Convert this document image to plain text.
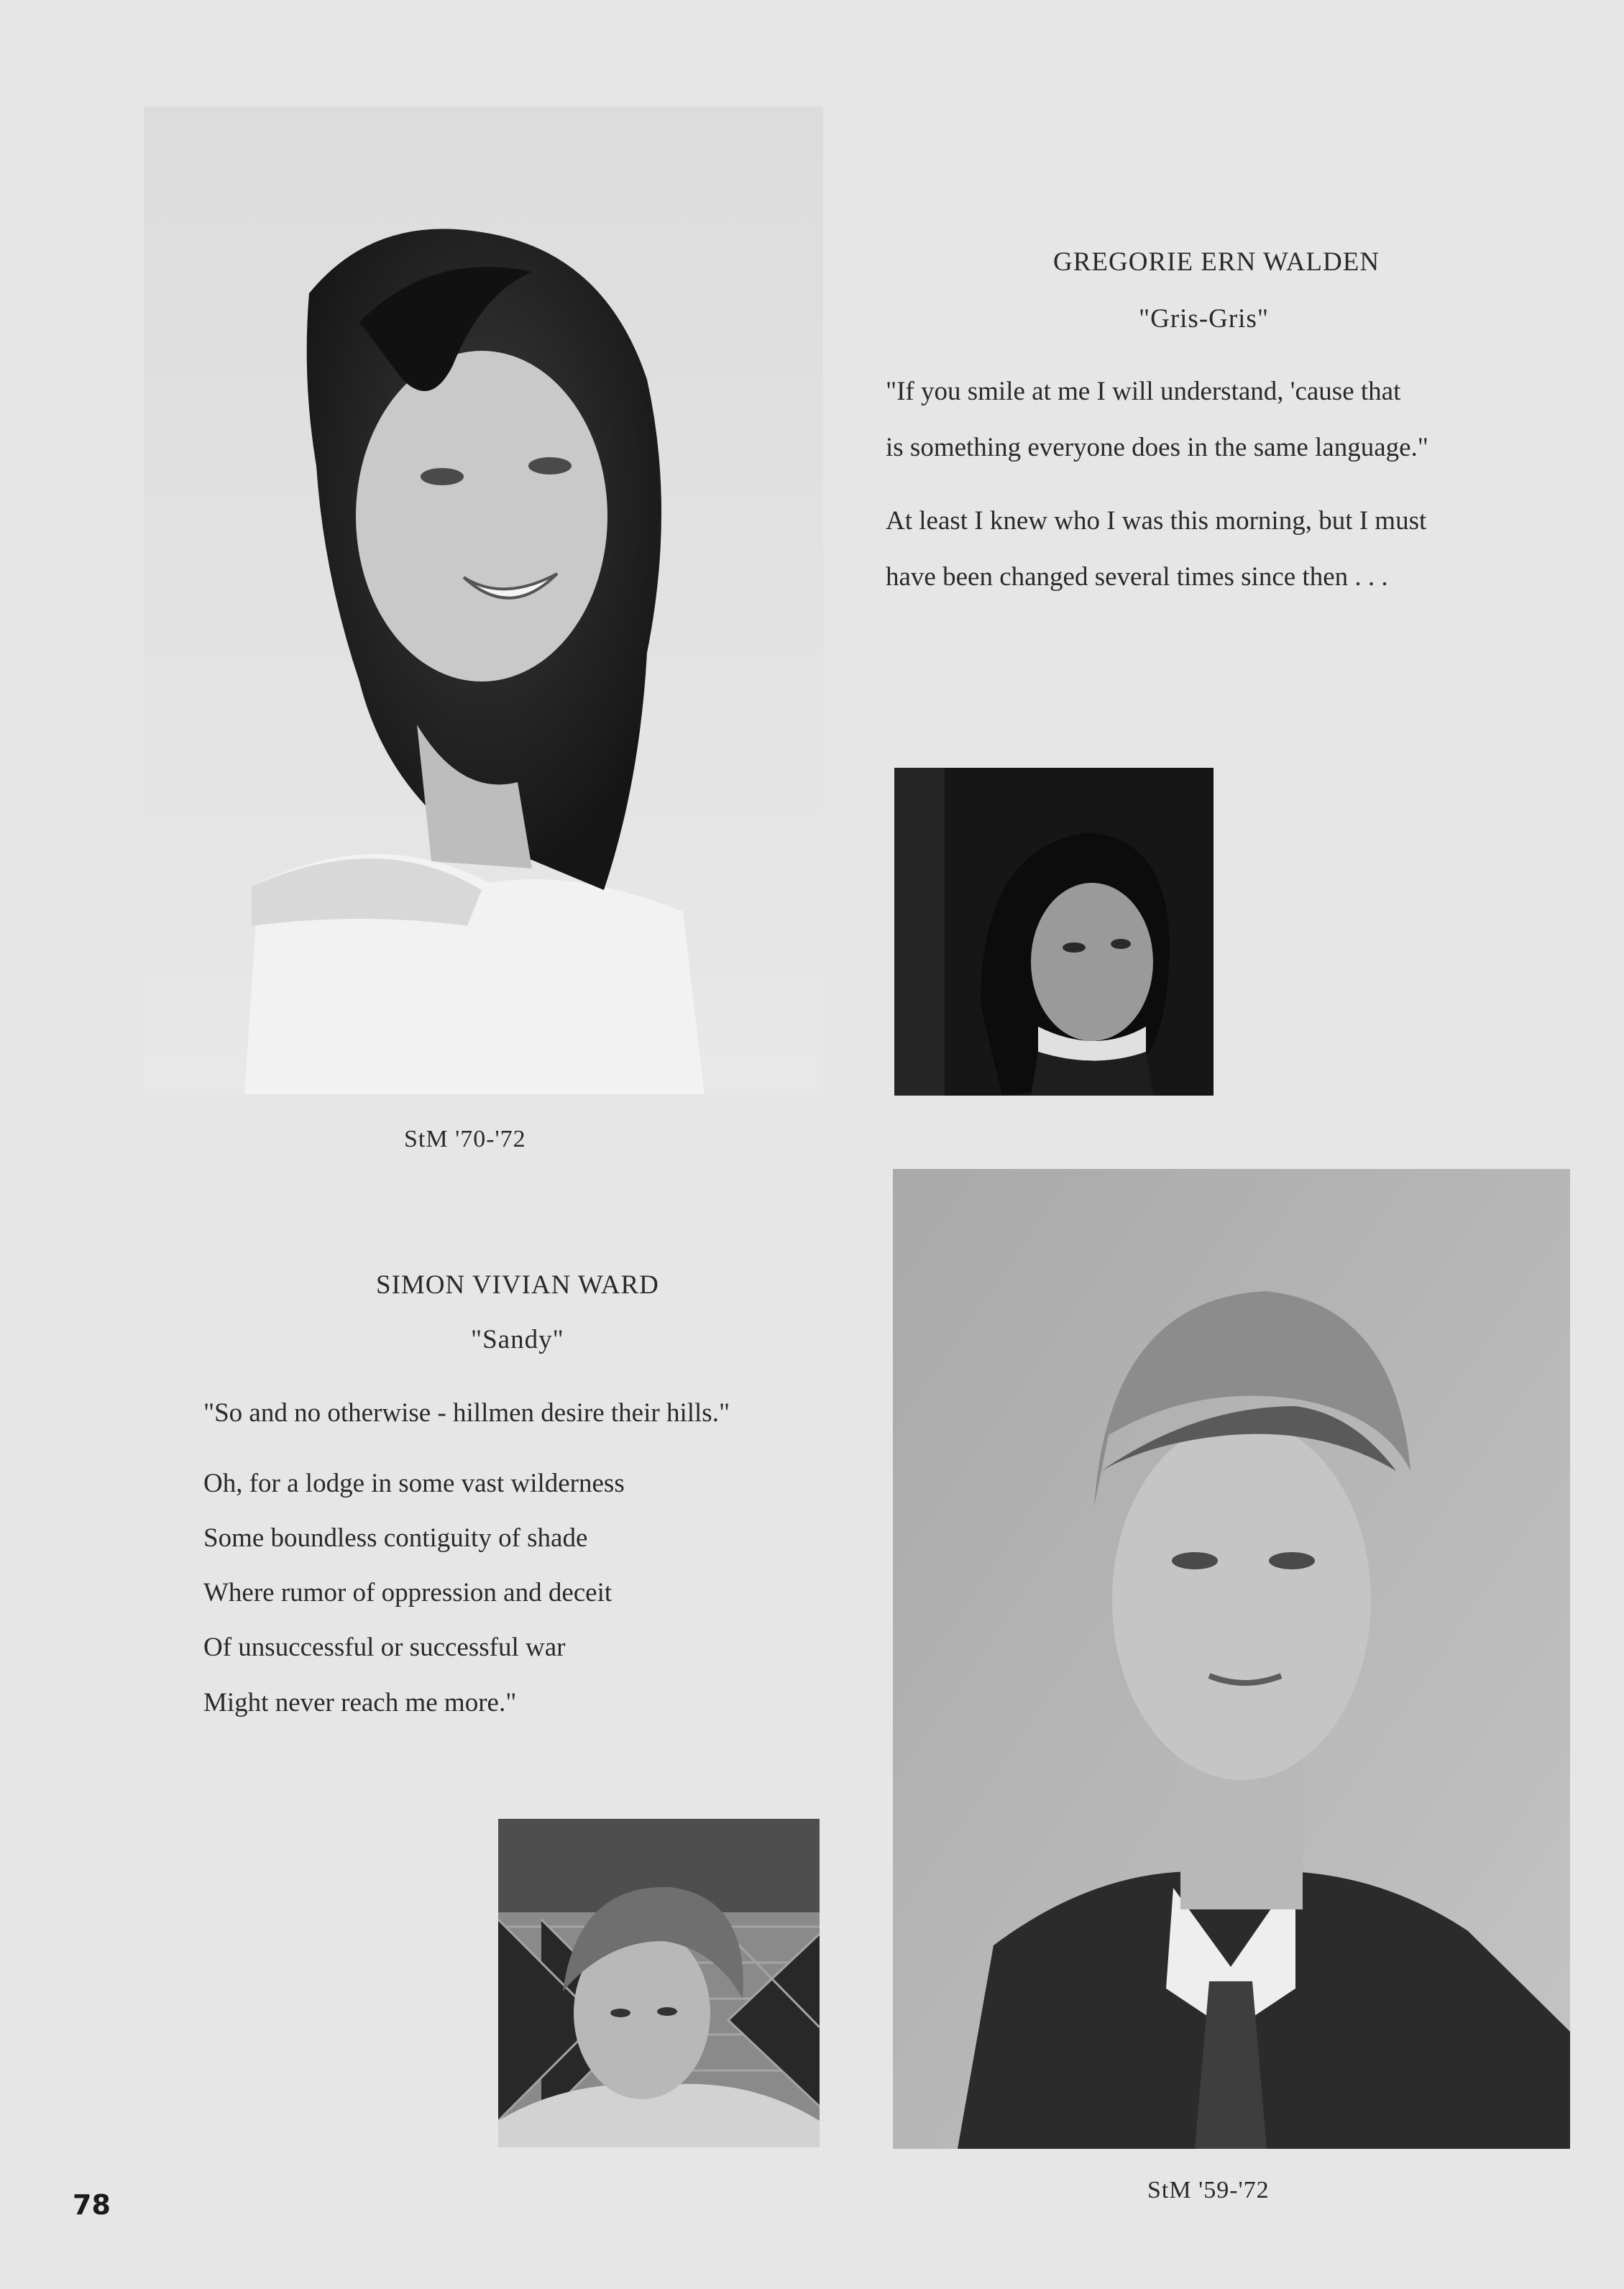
GREGORIE ERN WALDEN
"Gris-Gris"
"If you smile at me I will understand, 'cause that
is something everyone does in the same language."
At least I knew who I was this morning, but I must
have been changed several times since then . . .
StM '70-'72
SIMON VIVIAN WARD
"Sandy"
"So and no otherwise - hillmen desire their hills."
Oh, for a lodge in some vast wilderness
Some boundless contiguity of shade
Where rumor of oppression and deceit
Of unsuccessful or successful war
Might never reach me more."
StM '59-'72
78
